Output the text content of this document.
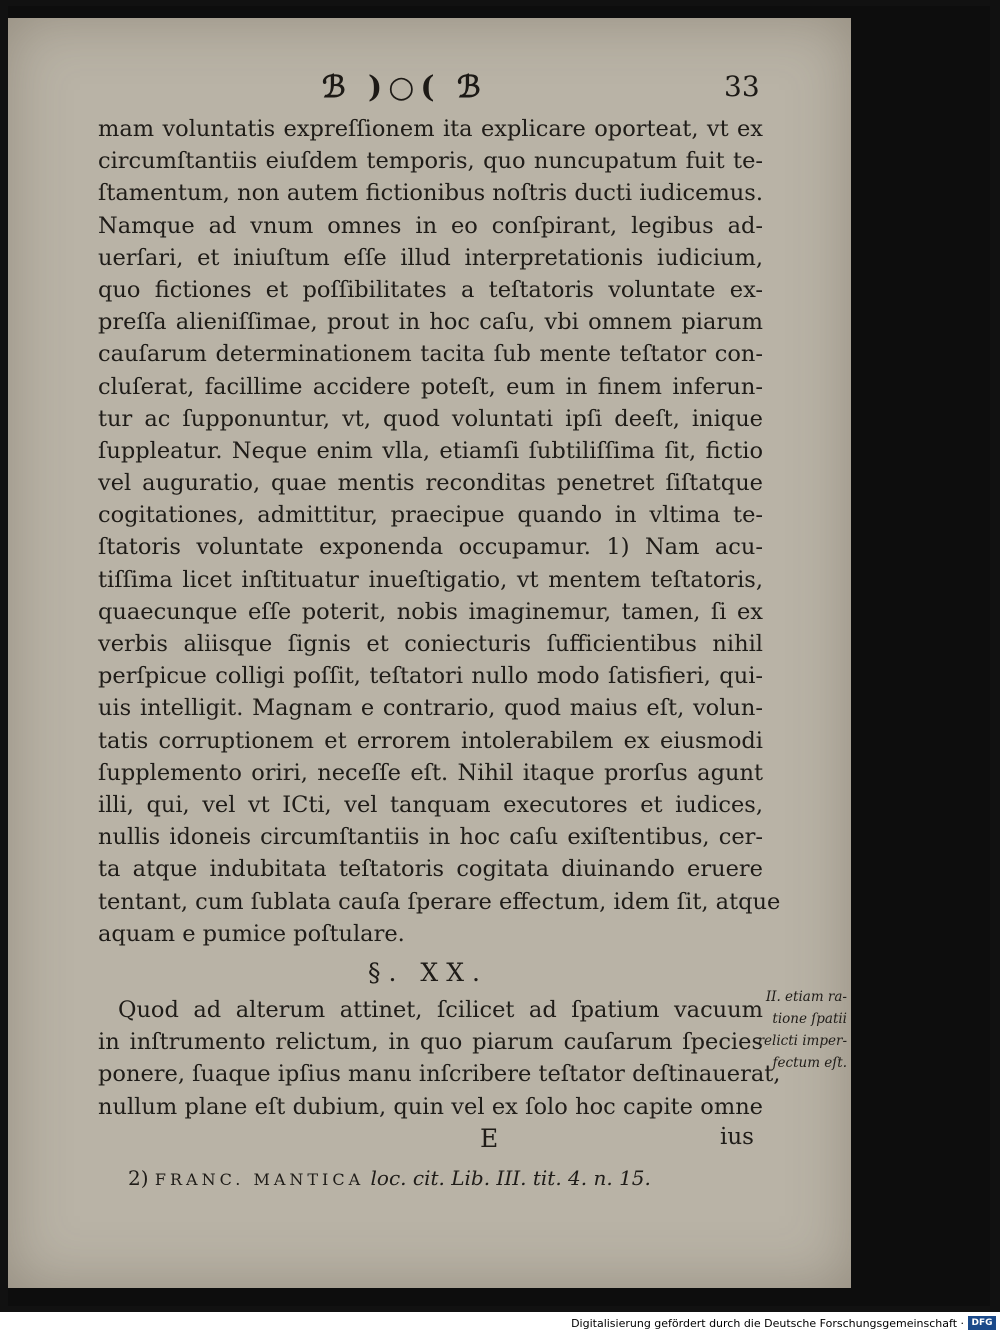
ℬ )○( ℬ	33
mam voluntatis expreſſionem ita explicare oporteat, vt ex
circumſtantiis eiuſdem temporis, quo nuncupatum fuit te-
ſtamentum, non autem fictionibus noſtris ducti iudicemus.
Namque ad vnum omnes in eo conſpirant, legibus ad-
uerſari, et iniuſtum eſſe illud interpretationis iudicium,
quo fictiones et poſſibilitates a teſtatoris voluntate ex-
preſſa alieniſſimae, prout in hoc caſu, vbi omnem piarum
cauſarum determinationem tacita ſub mente teſtator con-
cluſerat, facillime accidere poteſt, eum in finem inferun-
tur ac ſupponuntur, vt, quod voluntati ipſi deeſt, inique
ſuppleatur. Neque enim vlla, etiamſi ſubtiliſſima ſit, fictio
vel auguratio, quae mentis reconditas penetret ſiſtatque
cogitationes, admittitur, praecipue quando in vltima te-
ſtatoris voluntate exponenda occupamur. 1) Nam acu-
tiſſima licet inſtituatur inueſtigatio, vt mentem teſtatoris,
quaecunque eſſe poterit, nobis imaginemur, tamen, ſi ex
verbis aliisque ſignis et coniecturis ſufficientibus nihil
perſpicue colligi poſſit, teſtatori nullo modo ſatisfieri, qui-
uis intelligit. Magnam e contrario, quod maius eſt, volun-
tatis corruptionem et errorem intolerabilem ex eiusmodi
ſupplemento oriri, neceſſe eſt. Nihil itaque prorſus agunt
illi, qui, vel vt ICti, vel tanquam executores et iudices,
nullis idoneis circumſtantiis in hoc caſu exiſtentibus, cer-
ta atque indubitata teſtatoris cogitata diuinando eruere
tentant, cum ſublata cauſa ſperare effectum, idem ſit, atque
aquam e pumice poſtulare.
§. XX.
Quod ad alterum attinet, ſcilicet ad ſpatium vacuum
in inſtrumento relictum, in quo piarum cauſarum ſpecies
ponere, ſuaque ipſius manu inſcribere teſtator deſtinauerat,
nullum plane eſt dubium, quin vel ex ſolo hoc capite omne
II. etiam ra-
tione ſpatii
relicti imper-
fectum eſt.
E	ius
2) FRANC. MANTICA loc. cit. Lib. III. tit. 4. n. 15.
Digitalisierung gefördert durch die Deutsche Forschungsgemeinschaft · DFG
